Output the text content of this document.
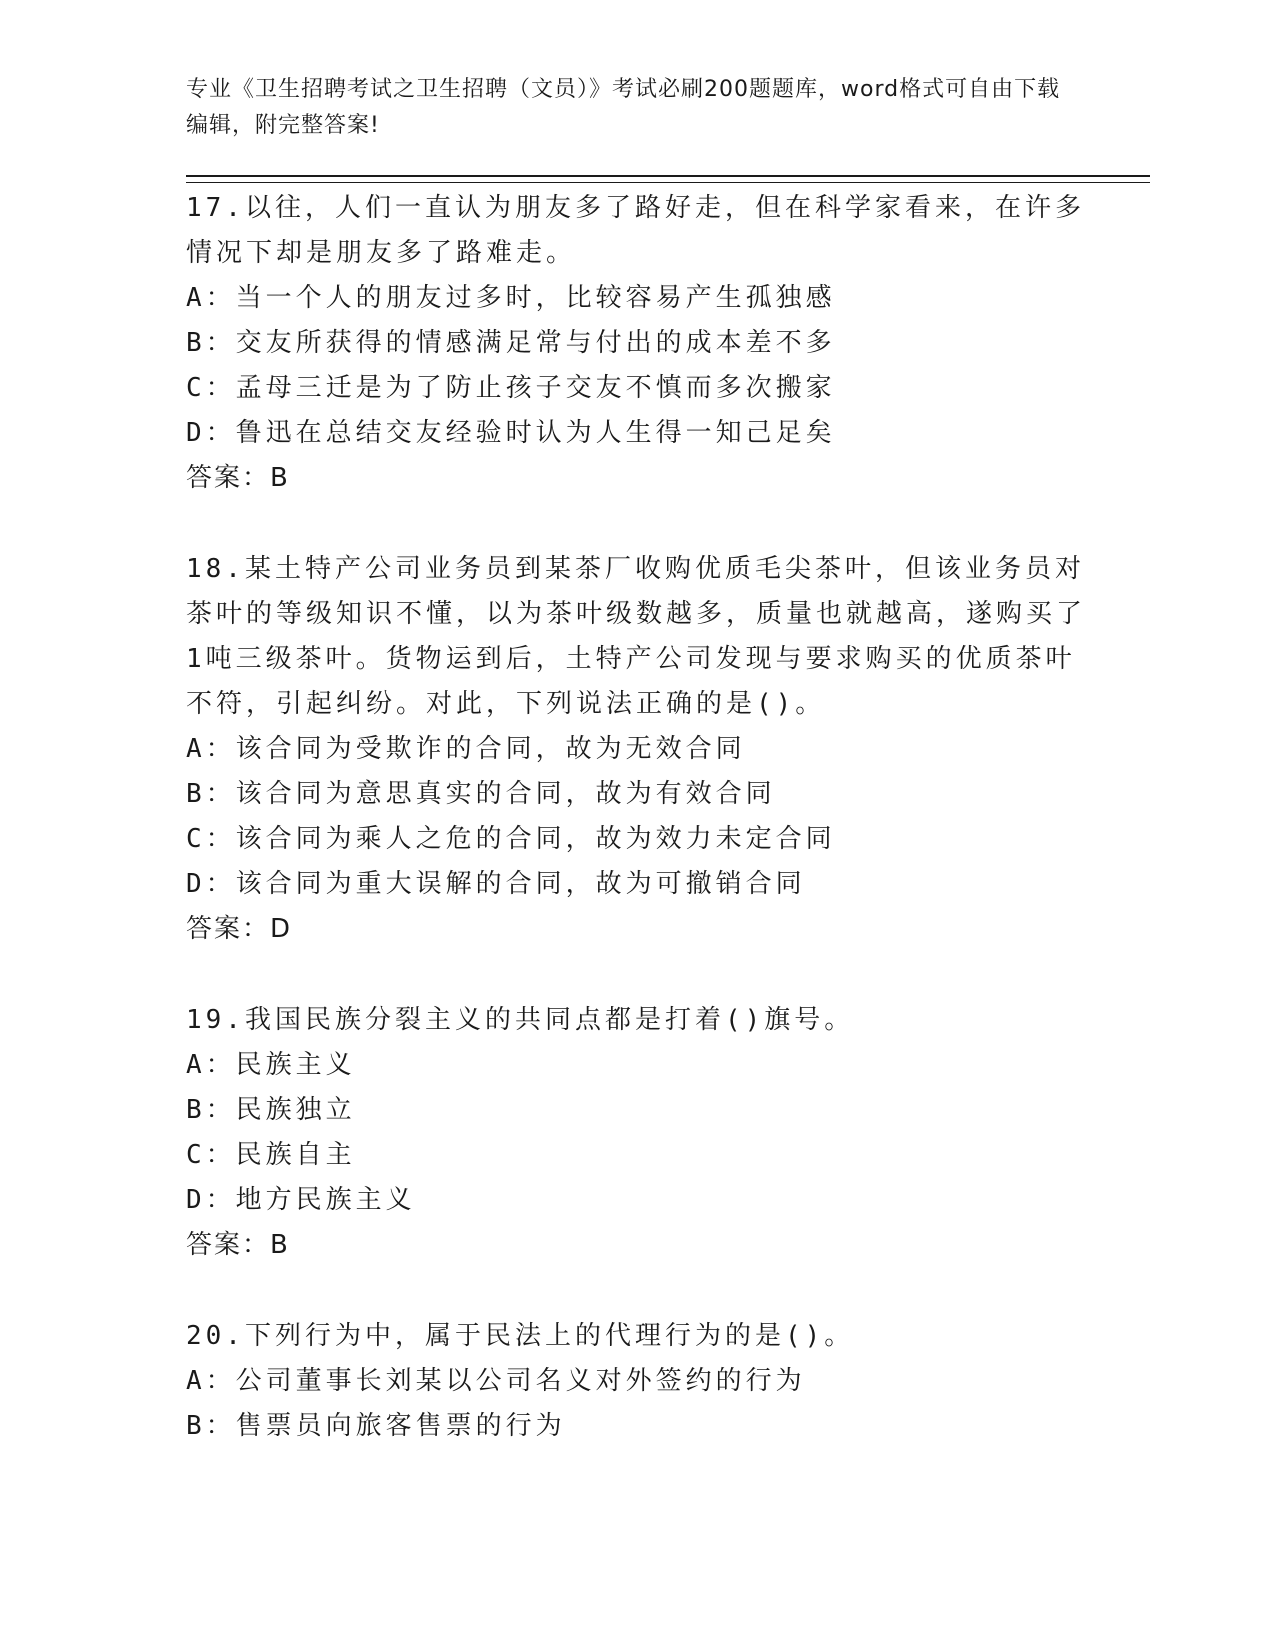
专业《卫生招聘考试之卫生招聘（文员）》考试必刷200题题库，word格式可自由下载编辑，附完整答案!

17.以往，人们一直认为朋友多了路好走，但在科学家看来，在许多情况下却是朋友多了路难走。

A：当一个人的朋友过多时，比较容易产生孤独感

B：交友所获得的情感满足常与付出的成本差不多

C：孟母三迁是为了防止孩子交友不慎而多次搬家

D：鲁迅在总结交友经验时认为人生得一知己足矣

答案：B

18.某土特产公司业务员到某茶厂收购优质毛尖茶叶，但该业务员对茶叶的等级知识不懂，以为茶叶级数越多，质量也就越高，遂购买了1吨三级茶叶。货物运到后，土特产公司发现与要求购买的优质茶叶不符，引起纠纷。对此，下列说法正确的是()。

A：该合同为受欺诈的合同，故为无效合同

B：该合同为意思真实的合同，故为有效合同

C：该合同为乘人之危的合同，故为效力未定合同

D：该合同为重大误解的合同，故为可撤销合同

答案：D

19.我国民族分裂主义的共同点都是打着()旗号。

A：民族主义

B：民族独立

C：民族自主

D：地方民族主义

答案：B

20.下列行为中，属于民法上的代理行为的是()。

A：公司董事长刘某以公司名义对外签约的行为

B：售票员向旅客售票的行为
